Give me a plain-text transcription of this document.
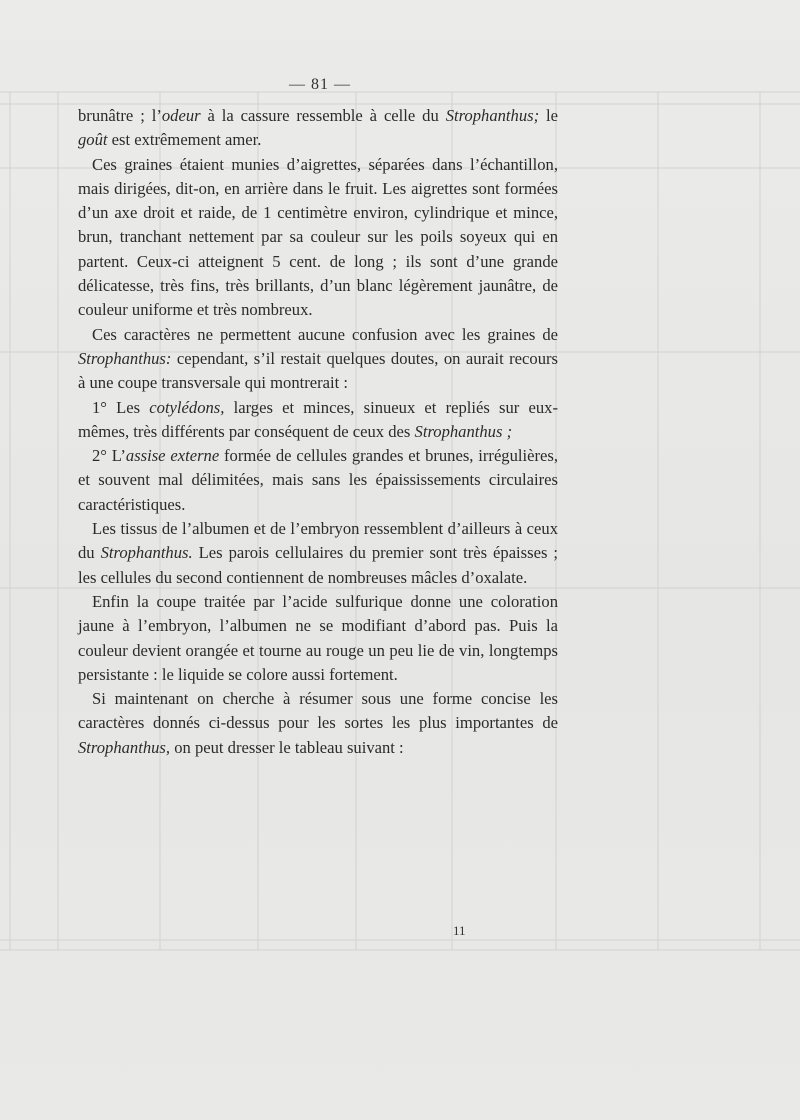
— 81 —

brunâtre ; l’odeur à la cassure ressemble à celle du Strophanthus; le goût est extrêmement amer.

Ces graines étaient munies d’aigrettes, séparées dans l’échantillon, mais dirigées, dit-on, en arrière dans le fruit. Les aigrettes sont formées d’un axe droit et raide, de 1 centimètre environ, cylindrique et mince, brun, tranchant nettement par sa couleur sur les poils soyeux qui en partent. Ceux-ci atteignent 5 cent. de long ; ils sont d’une grande délicatesse, très fins, très brillants, d’un blanc légèrement jaunâtre, de couleur uniforme et très nombreux.

Ces caractères ne permettent aucune confusion avec les graines de Strophanthus: cependant, s’il restait quelques doutes, on aurait recours à une coupe transversale qui montrerait :

1° Les cotylédons, larges et minces, sinueux et repliés sur eux-mêmes, très différents par conséquent de ceux des Strophanthus ;

2° L’assise externe formée de cellules grandes et brunes, irrégulières, et souvent mal délimitées, mais sans les épaississements circulaires caractéristiques.

Les tissus de l’albumen et de l’embryon ressemblent d’ailleurs à ceux du Strophanthus. Les parois cellulaires du premier sont très épaisses ; les cellules du second contiennent de nombreuses mâcles d’oxalate.

Enfin la coupe traitée par l’acide sulfurique donne une coloration jaune à l’embryon, l’albumen ne se modifiant d’abord pas. Puis la couleur devient orangée et tourne au rouge un peu lie de vin, longtemps persistante : le liquide se colore aussi fortement.

Si maintenant on cherche à résumer sous une forme concise les caractères donnés ci-dessus pour les sortes les plus importantes de Strophanthus, on peut dresser le tableau suivant :

11
